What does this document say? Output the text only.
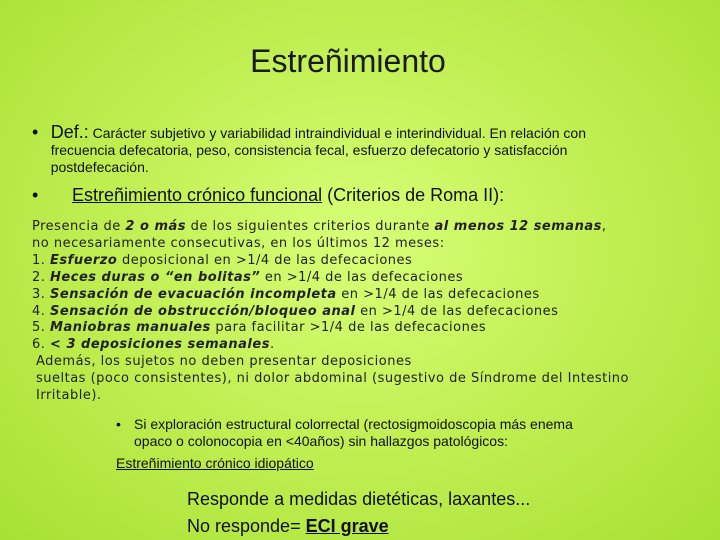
Estreñimiento
• Def.: Carácter subjetivo y variabilidad intraindividual e interindividual. En relación con frecuencia defecatoria, peso, consistencia fecal, esfuerzo defecatorio y satisfacción postdefecación.
•	Estreñimiento crónico funcional (Criterios de Roma II):
Presencia de 2 o más de los siguientes criterios durante al menos 12 semanas,
no necesariamente consecutivas, en los últimos 12 meses:
1. Esfuerzo deposicional en >1/4 de las defecaciones
2. Heces duras o “en bolitas” en >1/4 de las defecaciones
3. Sensación de evacuación incompleta en >1/4 de las defecaciones
4. Sensación de obstrucción/bloqueo anal en >1/4 de las defecaciones
5. Maniobras manuales para facilitar >1/4 de las defecaciones
6. < 3 deposiciones semanales.
Además, los sujetos no deben presentar deposiciones
sueltas (poco consistentes), ni dolor abdominal (sugestivo de Síndrome del Intestino
Irritable).
• Si exploración estructural colorrectal (rectosigmoidoscopia más enema
opaco o colonocopia en <40años) sin hallazgos patológicos:
Estreñimiento crónico idiopático
Responde a medidas dietéticas, laxantes...
No responde= ECI grave
